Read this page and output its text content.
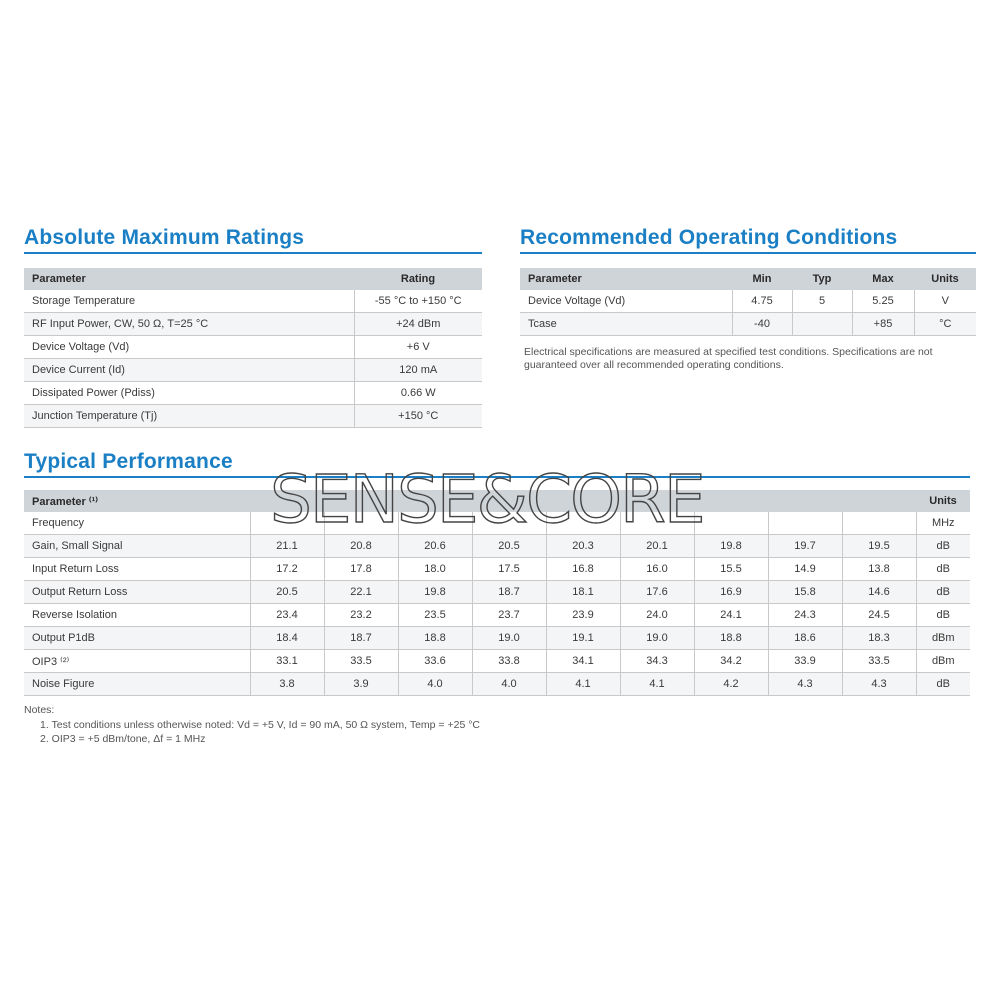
Absolute Maximum Ratings
Parameter	Rating
Storage Temperature	-55 °C to +150 °C
RF Input Power, CW, 50 Ω, T=25 °C	+24 dBm
Device Voltage (Vd)	+6 V
Device Current (Id)	120 mA
Dissipated Power (Pdiss)	0.66 W
Junction Temperature (Tj)	+150 °C
Recommended Operating Conditions
Parameter	Min	Typ	Max	Units
Device Voltage (Vd)	4.75	5	5.25	V
Tcase	-40		+85	°C
Electrical specifications are measured at specified test conditions. Specifications are not guaranteed over all recommended operating conditions.
Typical Performance
Parameter ⁽¹⁾										Units
Frequency										MHz
Gain, Small Signal	21.1	20.8	20.6	20.5	20.3	20.1	19.8	19.7	19.5	dB
Input Return Loss	17.2	17.8	18.0	17.5	16.8	16.0	15.5	14.9	13.8	dB
Output Return Loss	20.5	22.1	19.8	18.7	18.1	17.6	16.9	15.8	14.6	dB
Reverse Isolation	23.4	23.2	23.5	23.7	23.9	24.0	24.1	24.3	24.5	dB
Output P1dB	18.4	18.7	18.8	19.0	19.1	19.0	18.8	18.6	18.3	dBm
OIP3 ⁽²⁾	33.1	33.5	33.6	33.8	34.1	34.3	34.2	33.9	33.5	dBm
Noise Figure	3.8	3.9	4.0	4.0	4.1	4.1	4.2	4.3	4.3	dB
Notes:
1. Test conditions unless otherwise noted: Vd = +5 V, Id = 90 mA, 50 Ω system, Temp = +25 °C
2. OIP3 = +5 dBm/tone, Δf = 1 MHz
SENSE&CORE
